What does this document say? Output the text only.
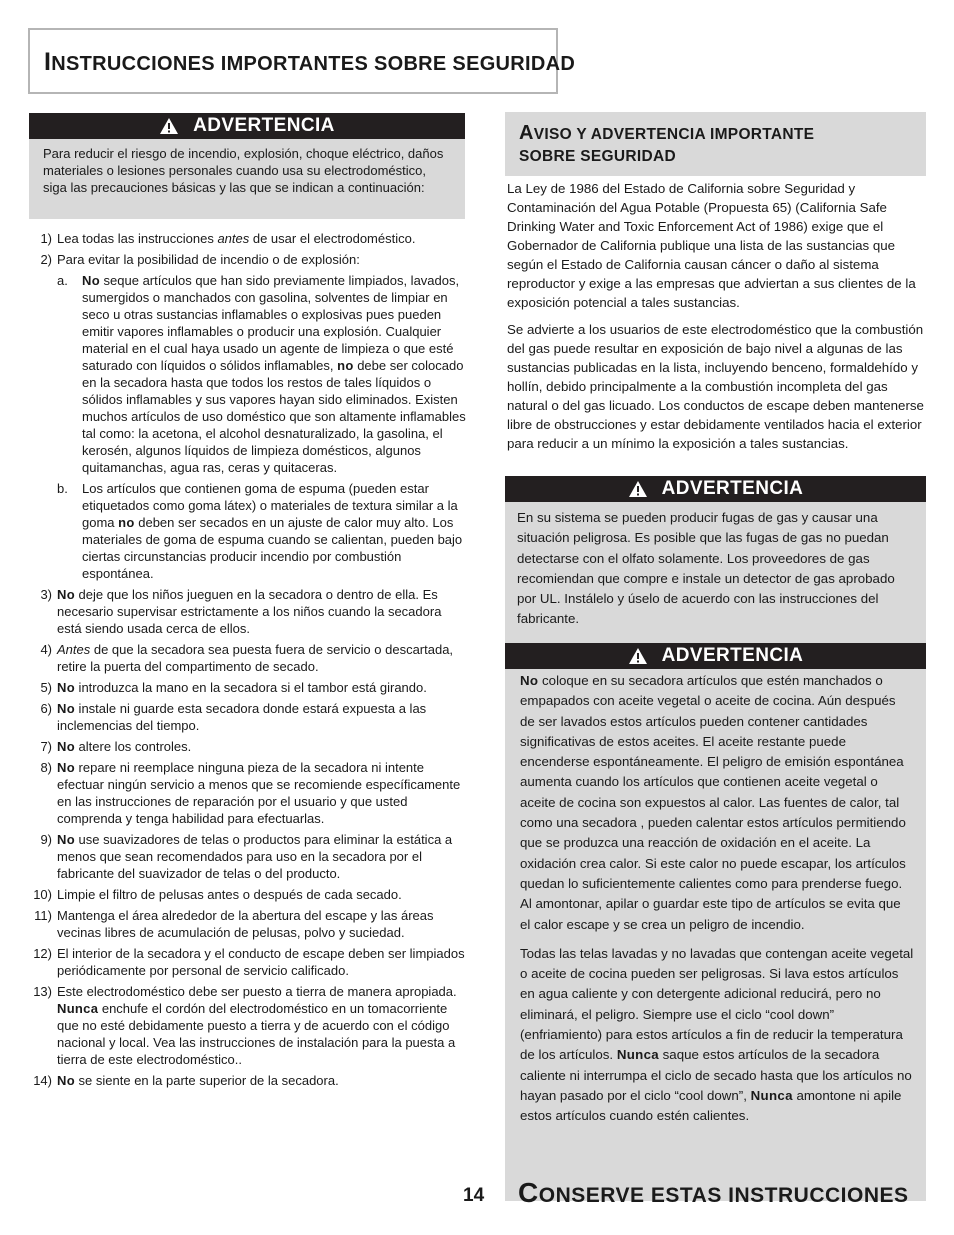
INSTRUCCIONES IMPORTANTES SOBRE SEGURIDAD
ADVERTENCIA
Para reducir el riesgo de incendio, explosión, choque eléctrico, daños materiales o lesiones personales cuando usa su electrodoméstico, siga las precauciones básicas y las que se indican a continuación:
1) Lea todas las instrucciones antes de usar el electrodoméstico.
2) Para evitar la posibilidad de incendio o de explosión:
a.	No seque artículos que han sido previamente limpiados, lavados, sumergidos o manchados con gasolina, solventes de limpiar en seco u otras sustancias inflamables o explosivas pues pueden emitir vapores inflamables o producir una explosión. Cualquier material en el cual haya usado un agente de limpieza o que esté saturado con líquidos o sólidos inflamables, no debe ser colocado en la secadora hasta que todos los restos de tales líquidos o sólidos inflamables y sus vapores hayan sido eliminados. Existen muchos artículos de uso doméstico que son altamente inflamables tal como: la acetona, el alcohol desnaturalizado, la gasolina, el kerosén, algunos líquidos de limpieza domésticos, algunos quitamanchas, agua ras, ceras y quitaceras.
b.	Los artículos que contienen goma de espuma (pueden estar etiquetados como goma látex) o materiales de textura similar a la goma no deben ser secados en un ajuste de calor muy alto. Los materiales de goma de espuma cuando se calientan, pueden bajo ciertas circunstancias producir incendio por combustión espontánea.
3) No deje que los niños jueguen en la secadora o dentro de ella. Es necesario supervisar estrictamente a los niños cuando la secadora está siendo usada cerca de ellos.
4) Antes de que la secadora sea puesta fuera de servicio o descartada, retire la puerta del compartimento de secado.
5) No introduzca la mano en la secadora si el tambor está girando.
6) No instale ni guarde esta secadora donde estará expuesta a las inclemencias del tiempo.
7) No altere los controles.
8) No repare ni reemplace ninguna pieza de la secadora ni intente efectuar ningún servicio a menos que se recomiende específicamente en las instrucciones de reparación por el usuario y que usted comprenda y tenga habilidad para efectuarlas.
9) No use suavizadores de telas o productos para eliminar la estática a menos que sean recomendados para uso en la secadora por el fabricante del suavizador de telas o del producto.
10) Limpie el filtro de pelusas antes o después de cada secado.
11) Mantenga el área alrededor de la abertura del escape y las áreas vecinas libres de acumulación de pelusas, polvo y suciedad.
12) El interior de la secadora y el conducto de escape deben ser limpiados periódicamente por personal de servicio calificado.
13) Este electrodoméstico debe ser puesto a tierra de manera apropiada. Nunca enchufe el cordón del electrodoméstico en un tomacorriente que no esté debidamente puesto a tierra y de acuerdo con el código nacional y local. Vea las instrucciones de instalación para la puesta a tierra de este electrodoméstico..
14) No se siente en la parte superior de la secadora.
AVISO Y ADVERTENCIA IMPORTANTE
SOBRE SEGURIDAD

La Ley de 1986 del Estado de California sobre Seguridad y Contaminación del Agua Potable (Propuesta 65) (California Safe Drinking Water and Toxic Enforcement Act of 1986) exige que el Gobernador de California publique una lista de las sustancias que según el Estado de California causan cáncer o daño al sistema reproductor y exige a las empresas que adviertan a sus clientes de la exposición potencial a tales sustancias.

Se advierte a los usuarios de este electrodoméstico que la combustión del gas puede resultar en exposición de bajo nivel a algunas de las sustancias publicadas en la lista, incluyendo benceno, formaldehído y hollín, debido principalmente a la combustión incompleta del gas natural o del gas licuado. Los conductos de escape deben mantenerse libre de obstrucciones y estar debidamente ventilados hacia el exterior para reducir a un mínimo la exposición a tales sustancias.

ADVERTENCIA
En su sistema se pueden producir fugas de gas y causar una situación peligrosa. Es posible que las fugas de gas no puedan detectarse con el olfato solamente. Los proveedores de gas recomiendan que compre e instale un detector de gas aprobado por UL. Instálelo y úselo de acuerdo con las instrucciones del fabricante.
ADVERTENCIA

No coloque en su secadora artículos que estén manchados o empapados con aceite vegetal o aceite de cocina. Aún después de ser lavados estos artículos pueden contener cantidades significativas de estos aceites. El aceite restante puede encenderse espontáneamente. El peligro de emisión espontánea aumenta cuando los artículos que contienen aceite vegetal o aceite de cocina son expuestos al calor. Las fuentes de calor, tal como una secadora , pueden calentar estos artículos permitiendo que se produzca una reacción de oxidación en el aceite. La oxidación crea calor. Si este calor no puede escapar, los artículos quedan lo suficientemente calientes como para prenderse fuego. Al amontonar, apilar o guardar este tipo de artículos se evita que el calor escape y se crea un peligro de incendio.

Todas las telas lavadas y no lavadas que contengan aceite vegetal o aceite de cocina pueden ser peligrosas. Si lava estos artículos en agua caliente y con detergente adicional reducirá, pero no eliminará, el peligro. Siempre use el ciclo “cool down” (enfriamiento) para estos artículos a fin de reducir la temperatura de los artículos. Nunca saque estos artículos de la secadora caliente ni interrumpa el ciclo de secado hasta que los artículos no hayan pasado por el ciclo “cool down”, Nunca amontone ni apile estos artículos cuando estén calientes.

14 CONSERVE ESTAS INSTRUCCIONES
